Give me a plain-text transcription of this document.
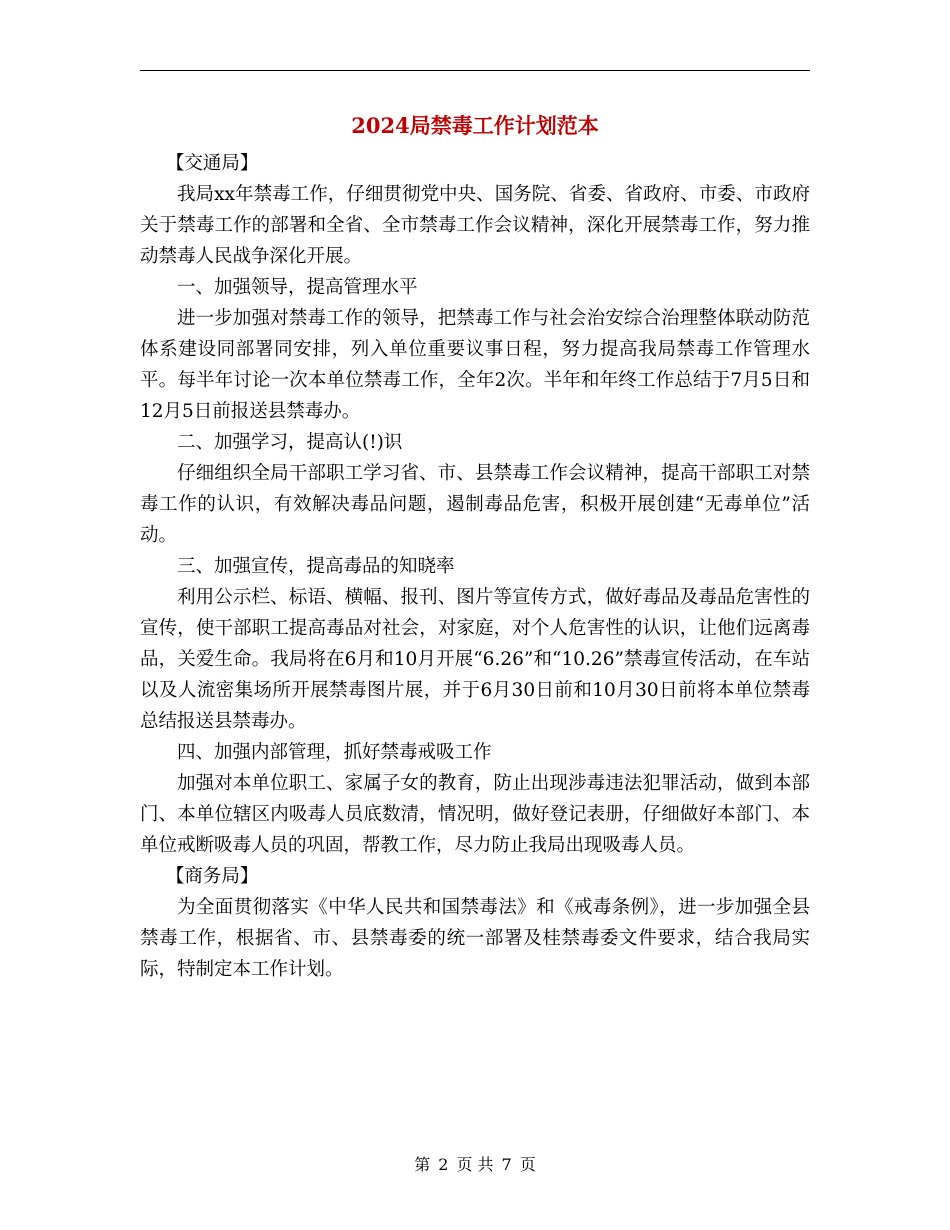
2024局禁毒工作计划范本

【交通局】

我局xx年禁毒工作，仔细贯彻党中央、国务院、省委、省政府、市委、市政府关于禁毒工作的部署和全省、全市禁毒工作会议精神，深化开展禁毒工作，努力推动禁毒人民战争深化开展。

一、加强领导，提高管理水平

进一步加强对禁毒工作的领导，把禁毒工作与社会治安综合治理整体联动防范体系建设同部署同安排，列入单位重要议事日程，努力提高我局禁毒工作管理水平。每半年讨论一次本单位禁毒工作，全年2次。半年和年终工作总结于7月5日和12月5日前报送县禁毒办。

二、加强学习，提高认(!)识

仔细组织全局干部职工学习省、市、县禁毒工作会议精神，提高干部职工对禁毒工作的认识，有效解决毒品问题，遏制毒品危害，积极开展创建“无毒单位”活动。

三、加强宣传，提高毒品的知晓率

利用公示栏、标语、横幅、报刊、图片等宣传方式，做好毒品及毒品危害性的宣传，使干部职工提高毒品对社会，对家庭，对个人危害性的认识，让他们远离毒品，关爱生命。我局将在6月和10月开展“6.26”和“10.26”禁毒宣传活动，在车站以及人流密集场所开展禁毒图片展，并于6月30日前和10月30日前将本单位禁毒总结报送县禁毒办。

四、加强内部管理，抓好禁毒戒吸工作

加强对本单位职工、家属子女的教育，防止出现涉毒违法犯罪活动，做到本部门、本单位辖区内吸毒人员底数清，情况明，做好登记表册，仔细做好本部门、本单位戒断吸毒人员的巩固，帮教工作，尽力防止我局出现吸毒人员。

【商务局】

为全面贯彻落实《中华人民共和国禁毒法》和《戒毒条例》，进一步加强全县禁毒工作，根据省、市、县禁毒委的统一部署及桂禁毒委文件要求，结合我局实际，特制定本工作计划。

第 2 页 共 7 页
